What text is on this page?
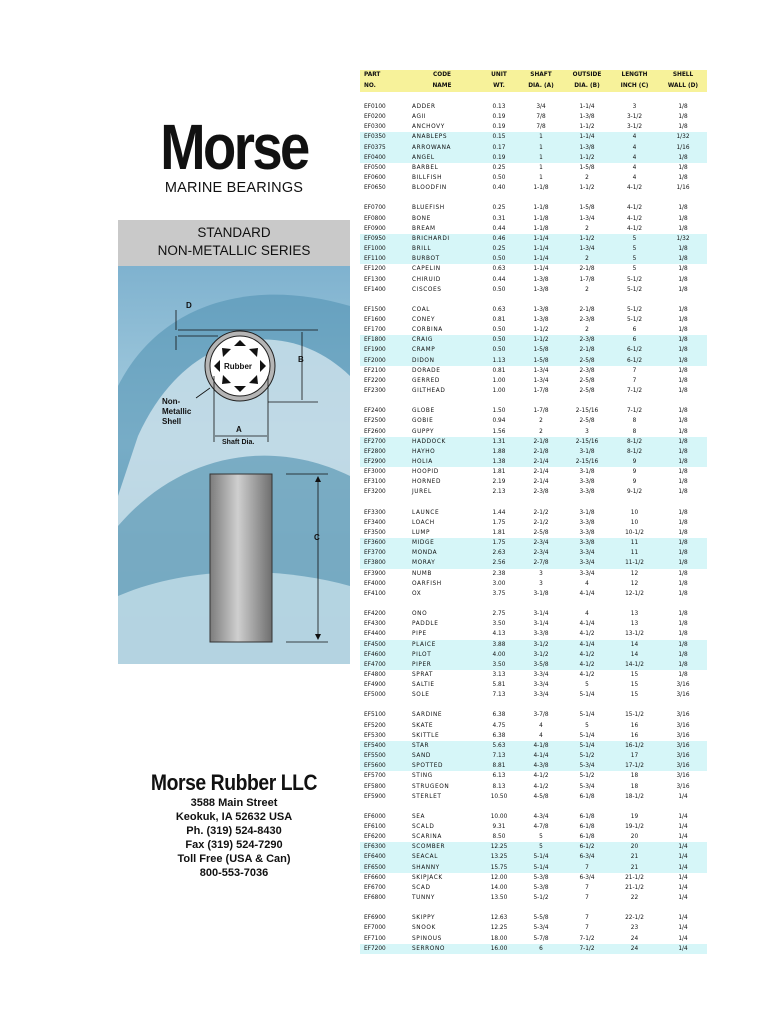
Morse
MARINE BEARINGS
STANDARD
NON-METALLIC SERIES
Rubber
D
B
A
Shaft Dia.
Non-
Metallic
Shell
C
Morse Rubber LLC
3588 Main Street
Keokuk, IA 52632 USA
Ph. (319) 524-8430
Fax (319) 524-7290
Toll Free (USA & Can)
800-553-7036
PART	CODE	UNIT	SHAFT	OUTSIDE	LENGTH	SHELL
NO.	NAME	WT.	DIA. (A)	DIA. (B)	INCH (C)	WALL (D)

EF0100	ADDER	0.13	3/4	1-1/4	3	1/8
EF0200	AGII	0.19	7/8	1-3/8	3-1/2	1/8
EF0300	ANCHOVY	0.19	7/8	1-1/2	3-1/2	1/8
EF0350	ANABLEPS	0.15	1	1-1/4	4	1/32
EF0375	ARROWANA	0.17	1	1-3/8	4	1/16
EF0400	ANGEL	0.19	1	1-1/2	4	1/8
EF0500	BARBEL	0.25	1	1-5/8	4	1/8
EF0600	BILLFISH	0.50	1	2	4	1/8
EF0650	BLOODFIN	0.40	1-1/8	1-1/2	4-1/2	1/16

EF0700	BLUEFISH	0.25	1-1/8	1-5/8	4-1/2	1/8
EF0800	BONE	0.31	1-1/8	1-3/4	4-1/2	1/8
EF0900	BREAM	0.44	1-1/8	2	4-1/2	1/8
EF0950	BRICHARDI	0.46	1-1/4	1-1/2	5	1/32
EF1000	BRILL	0.25	1-1/4	1-3/4	5	1/8
EF1100	BURBOT	0.50	1-1/4	2	5	1/8
EF1200	CAPELIN	0.63	1-1/4	2-1/8	5	1/8
EF1300	CHIRUID	0.44	1-3/8	1-7/8	5-1/2	1/8
EF1400	CISCOES	0.50	1-3/8	2	5-1/2	1/8

EF1500	COAL	0.63	1-3/8	2-1/8	5-1/2	1/8
EF1600	CONEY	0.81	1-3/8	2-3/8	5-1/2	1/8
EF1700	CORBINA	0.50	1-1/2	2	6	1/8
EF1800	CRAIG	0.50	1-1/2	2-3/8	6	1/8
EF1900	CRAMP	0.50	1-5/8	2-1/8	6-1/2	1/8
EF2000	DIDON	1.13	1-5/8	2-5/8	6-1/2	1/8
EF2100	DORADE	0.81	1-3/4	2-3/8	7	1/8
EF2200	GERRED	1.00	1-3/4	2-5/8	7	1/8
EF2300	GILTHEAD	1.00	1-7/8	2-5/8	7-1/2	1/8

EF2400	GLOBE	1.50	1-7/8	2-15/16	7-1/2	1/8
EF2500	GOBIE	0.94	2	2-5/8	8	1/8
EF2600	GUPPY	1.56	2	3	8	1/8
EF2700	HADDOCK	1.31	2-1/8	2-15/16	8-1/2	1/8
EF2800	HAYHO	1.88	2-1/8	3-1/8	8-1/2	1/8
EF2900	HOLIA	1.38	2-1/4	2-15/16	9	1/8
EF3000	HOOPID	1.81	2-1/4	3-1/8	9	1/8
EF3100	HORNED	2.19	2-1/4	3-3/8	9	1/8
EF3200	JUREL	2.13	2-3/8	3-3/8	9-1/2	1/8

EF3300	LAUNCE	1.44	2-1/2	3-1/8	10	1/8
EF3400	LOACH	1.75	2-1/2	3-3/8	10	1/8
EF3500	LUMP	1.81	2-5/8	3-3/8	10-1/2	1/8
EF3600	MIDGE	1.75	2-3/4	3-3/8	11	1/8
EF3700	MONDA	2.63	2-3/4	3-3/4	11	1/8
EF3800	MORAY	2.56	2-7/8	3-3/4	11-1/2	1/8
EF3900	NUMB	2.38	3	3-3/4	12	1/8
EF4000	OARFISH	3.00	3	4	12	1/8
EF4100	OX	3.75	3-1/8	4-1/4	12-1/2	1/8

EF4200	ONO	2.75	3-1/4	4	13	1/8
EF4300	PADDLE	3.50	3-1/4	4-1/4	13	1/8
EF4400	PIPE	4.13	3-3/8	4-1/2	13-1/2	1/8
EF4500	PLAICE	3.88	3-1/2	4-1/4	14	1/8
EF4600	PILOT	4.00	3-1/2	4-1/2	14	1/8
EF4700	PIPER	3.50	3-5/8	4-1/2	14-1/2	1/8
EF4800	SPRAT	3.13	3-3/4	4-1/2	15	1/8
EF4900	SALTIE	5.81	3-3/4	5	15	3/16
EF5000	SOLE	7.13	3-3/4	5-1/4	15	3/16

EF5100	SARDINE	6.38	3-7/8	5-1/4	15-1/2	3/16
EF5200	SKATE	4.75	4	5	16	3/16
EF5300	SKITTLE	6.38	4	5-1/4	16	3/16
EF5400	STAR	5.63	4-1/8	5-1/4	16-1/2	3/16
EF5500	SAND	7.13	4-1/4	5-1/2	17	3/16
EF5600	SPOTTED	8.81	4-3/8	5-3/4	17-1/2	3/16
EF5700	STING	6.13	4-1/2	5-1/2	18	3/16
EF5800	STRUGEON	8.13	4-1/2	5-3/4	18	3/16
EF5900	STERLET	10.50	4-5/8	6-1/8	18-1/2	1/4

EF6000	SEA	10.00	4-3/4	6-1/8	19	1/4
EF6100	SCALD	9.31	4-7/8	6-1/8	19-1/2	1/4
EF6200	SCARINA	8.50	5	6-1/8	20	1/4
EF6300	SCOMBER	12.25	5	6-1/2	20	1/4
EF6400	SEACAL	13.25	5-1/4	6-3/4	21	1/4
EF6500	SHANNY	15.75	5-1/4	7	21	1/4
EF6600	SKIPJACK	12.00	5-3/8	6-3/4	21-1/2	1/4
EF6700	SCAD	14.00	5-3/8	7	21-1/2	1/4
EF6800	TUNNY	13.50	5-1/2	7	22	1/4

EF6900	SKIPPY	12.63	5-5/8	7	22-1/2	1/4
EF7000	SNOOK	12.25	5-3/4	7	23	1/4
EF7100	SPINOUS	18.00	5-7/8	7-1/2	24	1/4
EF7200	SERRONO	16.00	6	7-1/2	24	1/4
